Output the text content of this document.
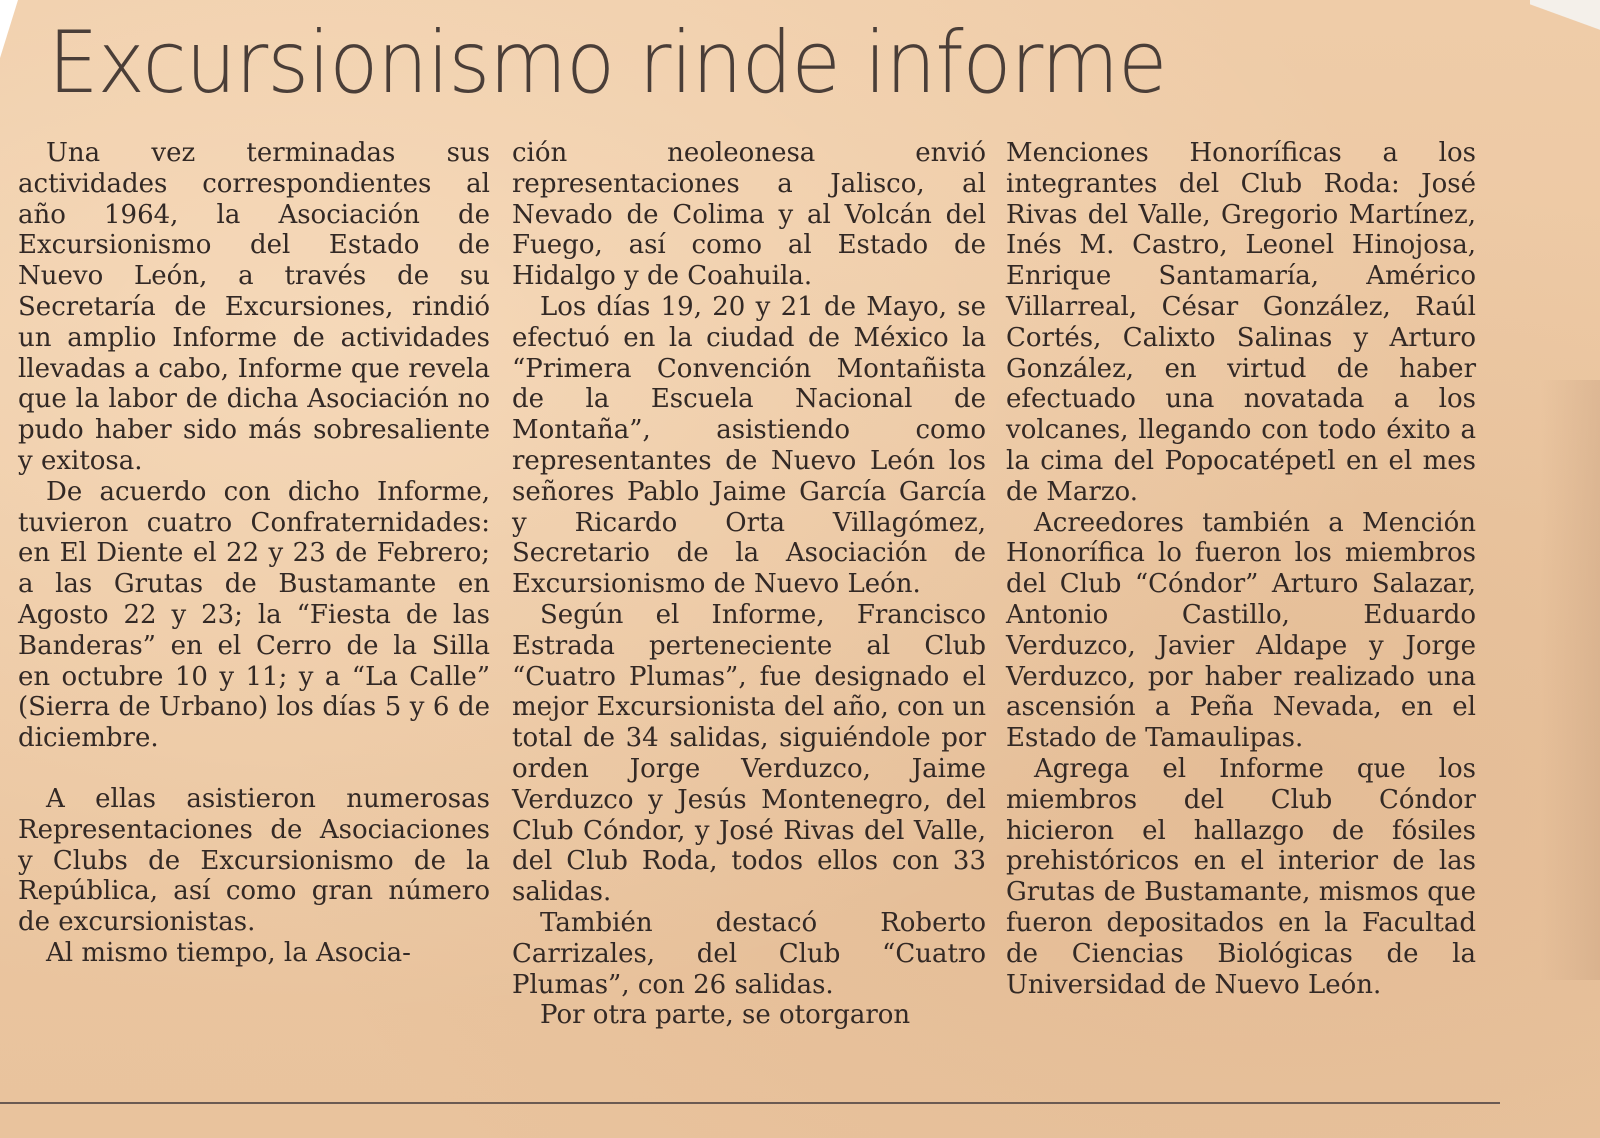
Excursionismo rinde informe

Una vez terminadas sus actividades correspondientes al año 1964, la Asociación de Excursionismo del Estado de Nuevo León, a través de su Secretaría de Excursiones, rindió un amplio Informe de actividades llevadas a cabo, Informe que revela que la labor de dicha Asociación no pudo haber sido más sobresaliente y exitosa.

De acuerdo con dicho Informe, tuvieron cuatro Confraternidades: en El Diente el 22 y 23 de Febrero; a las Grutas de Bustamante en Agosto 22 y 23; la “Fiesta de las Banderas” en el Cerro de la Silla en octubre 10 y 11; y a “La Calle” (Sierra de Urbano) los días 5 y 6 de diciembre.

A ellas asistieron numerosas Representaciones de Asociaciones y Clubs de Excursionismo de la República, así como gran número de excursionistas.

Al mismo tiempo, la Asocia-

ción neoleonesa envió representaciones a Jalisco, al Nevado de Colima y al Volcán del Fuego, así como al Estado de Hidalgo y de Coahuila.

Los días 19, 20 y 21 de Mayo, se efectuó en la ciudad de México la “Primera Convención Montañista de la Escuela Nacional de Montaña”, asistiendo como representantes de Nuevo León los señores Pablo Jaime García García y Ricardo Orta Villagómez, Secretario de la Asociación de Excursionismo de Nuevo León.

Según el Informe, Francisco Estrada perteneciente al Club “Cuatro Plumas”, fue designado el mejor Excursionista del año, con un total de 34 salidas, siguiéndole por orden Jorge Verduzco, Jaime Verduzco y Jesús Montenegro, del Club Cóndor, y José Rivas del Valle, del Club Roda, todos ellos con 33 salidas.

También destacó Roberto Carrizales, del Club “Cuatro Plumas”, con 26 salidas.

Por otra parte, se otorgaron

Menciones Honoríficas a los integrantes del Club Roda: José Rivas del Valle, Gregorio Martínez, Inés M. Castro, Leonel Hinojosa, Enrique Santamaría, Américo Villarreal, César González, Raúl Cortés, Calixto Salinas y Arturo González, en virtud de haber efectuado una novatada a los volcanes, llegando con todo éxito a la cima del Popocatépetl en el mes de Marzo.

Acreedores también a Mención Honorífica lo fueron los miembros del Club “Cóndor” Arturo Salazar, Antonio Castillo, Eduardo Verduzco, Javier Aldape y Jorge Verduzco, por haber realizado una ascensión a Peña Nevada, en el Estado de Tamaulipas.

Agrega el Informe que los miembros del Club Cóndor hicieron el hallazgo de fósiles prehistóricos en el interior de las Grutas de Bustamante, mismos que fueron depositados en la Facultad de Ciencias Biológicas de la Universidad de Nuevo León.
